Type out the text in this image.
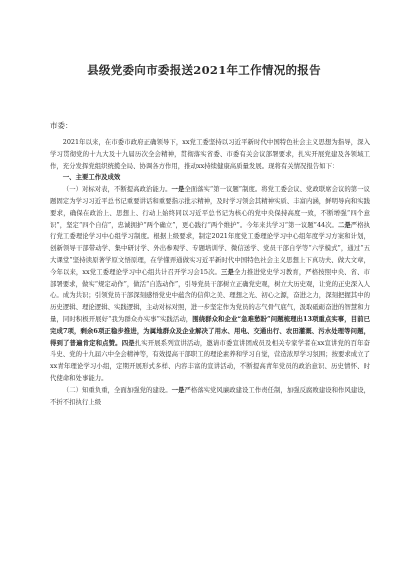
县级党委向市委报送2021年工作情况的报告
市委：

2021年以来，在市委市政府正确领导下，xx党工委坚持以习近平新时代中国特色社会主义思想为指导，深入学习贯彻党的十九大及十九届历次全会精神，贯彻落实省委、市委有关会议部署要求，扎实开展党建及各领域工作，充分发挥党组织统揽全局、协调各方作用，推动xx持续健康高质量发展。现将有关情况报告如下：

一、主要工作及成效

（一）对标对表，不断提高政治能力。一是全面落实“第一议题”制度。将党工委会议、党政联席会议的第一议题固定为学习习近平总书记重要讲话和重要指示批示精神，及时学习领会其精神实质、丰富内涵，鲜明导向和实践要求，确保在政治上、思想上、行动上始终同以习近平总书记为核心的党中央保持高度一致，不断增强“四个意识”，坚定“四个自信”，忠诚拥护“两个确立”，更心践行“两个维护”。今年来共学习“第一议题”44次。二是严格执行党工委理论学习中心组学习制度。根据上级要求，制定2021年度党工委理论学习中心组年度学习方案和计划，创新领导干部带动学、集中研讨学、外出参观学、专题培训学、微信送学、党员干部自学等“六学模式”，通过“五大课堂”坚持读原著学原文悟原理，在学懂弄通做实习近平新时代中国特色社会主义思想上下真功夫、做大文章，今年以来，xx党工委理论学习中心组共计召开学习会15次。三是全力推进党史学习教育，严格按照中央、省、市部署要求，做实“规定动作”，做活“自选动作”，引导党员干部树立正确党史观，树立大历史观，让党的正史深入人心。成为共识；引领党员干部深刻感悟党史中蕴含的信仰之美、理想之光、初心之源，奋进之力，深刻把握其中的历史逻辑、理论逻辑、实践逻辑，主动对标对照，进一步坚定作为党员的志气骨气底气，汲取砥砺奋进的智慧和力量，同时积极开展好“我为群众办实事”实践活动，围绕群众和企业“急难愁盼”问题梳理出13项重点实事，目前已完成7项，剩余6项正稳步推进，为属地群众及企业解决了用水、用电、交通出行、农田灌溉、污水处理等问题，得到了普遍肯定和点赞。四是扎实开展系列宣讲活动，邀请市委宣讲团成员及相关专家学者在xx宣讲党的百年奋斗史、党的十九届六中全会精神等，有效提高干部职工的理论素养和学习自觉，营造浓厚学习氛围；按要求成立了xx青年理论学习小组，定期开展形式多样、内容丰富的宣讲活动，不断提高青年党员的政治意识、历史情怀、时代使命和处事能力。

（二）知重负重，全面加强党的建设。一是严格落实党风廉政建设工作责任制，加强反腐败建设和作风建设，不折不扣执行上级
